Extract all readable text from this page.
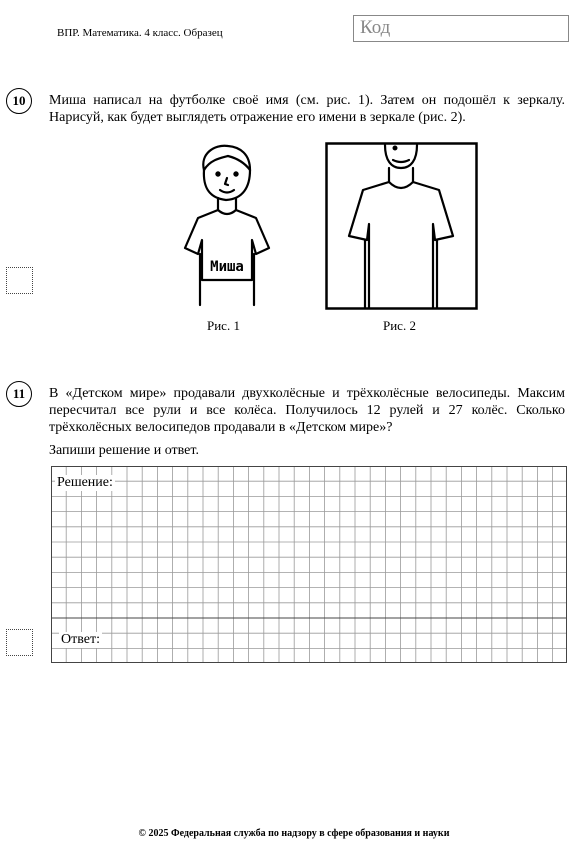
ВПР. Математика. 4 класс. Образец	Код
10	Миша написал на футболке своё имя (см. рис. 1). Затем он подошёл к зеркалу. Нарисуй, как будет выглядеть отражение его имени в зеркале (рис. 2).
Миша
Рис. 1	Рис. 2
11	В «Детском мире» продавали двухколёсные и трёхколёсные велосипеды. Максим пересчитал все рули и все колёса. Получилось 12 рулей и 27 колёс. Сколько трёхколёсных велосипедов продавали в «Детском мире»?
Запиши решение и ответ.
Решение:
Ответ:
© 2025 Федеральная служба по надзору в сфере образования и науки
